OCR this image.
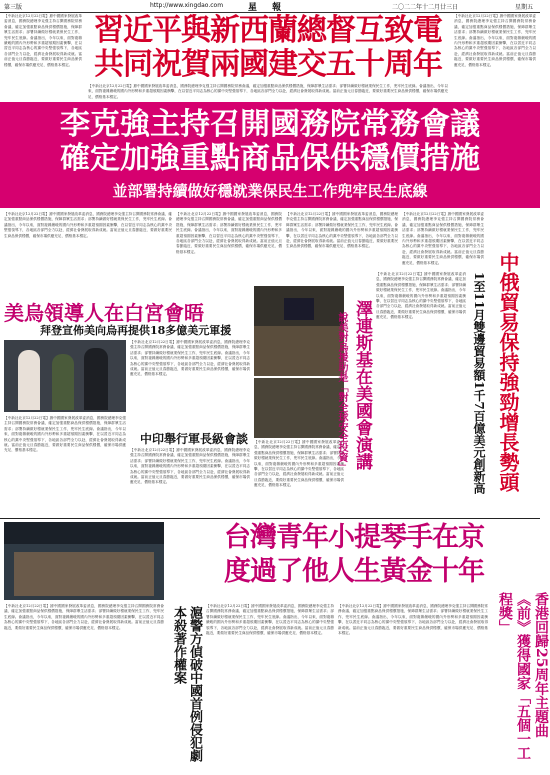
第三版	http://www.xingdao.com	星 報	二〇二二年十二月廿三日	星期五
【中新社北京12月22日電】據中國國家發展改革委消息，國務院總理李克強主持召開國務院常務會議，確定加強重點商品保供穩價措施，保障群眾生活需求；部署持續做好穩就業保民生工作，兜牢民生底線。會議指出，今年以來，面對複雜嚴峻的國內外形勢和多重超預期因素衝擊，在以習近平同志為核心的黨中央堅強領導下，各地區各部門全力以赴，經濟社會發展取得新成就。當前正值元旦春節臨近，要做好重要民生商品保供穩價，確保市場供應充足、價格基本穩定。
習近平與新西蘭總督互致電
共同祝賀兩國建交五十周年
【中新社北京12月22日電】據中國國家發展改革委消息，國務院總理李克強主持召開國務院常務會議，確定加強重點商品保供穩價措施，保障群眾生活需求；部署持續做好穩就業保民生工作，兜牢民生底線。會議指出，今年以來，面對複雜嚴峻的國內外形勢和多重超預期因素衝擊，在以習近平同志為核心的黨中央堅強領導下，各地區各部門全力以赴，經濟社會發展取得新成就。當前正值元旦春節臨近，要做好重要民生商品保供穩價，確保市場供應充足、價格基本穩定。
【中新社北京12月22日電】據中國國家發展改革委消息，國務院總理李克強主持召開國務院常務會議，確定加強重點商品保供穩價措施，保障群眾生活需求；部署持續做好穩就業保民生工作，兜牢民生底線。會議指出，今年以來，面對複雜嚴峻的國內外形勢和多重超預期因素衝擊，在以習近平同志為核心的黨中央堅強領導下，各地區各部門全力以赴，經濟社會發展取得新成就。當前正值元旦春節臨近，要做好重要民生商品保供穩價，確保市場供應充足、價格基本穩定。
李克強主持召開國務院常務會議
確定加強重點商品保供穩價措施
並部署持續做好穩就業保民生工作兜牢民生底線
【中新社北京12月22日電】據中國國家發展改革委消息，國務院總理李克強主持召開國務院常務會議，確定加強重點商品保供穩價措施，保障群眾生活需求；部署持續做好穩就業保民生工作，兜牢民生底線。會議指出，今年以來，面對複雜嚴峻的國內外形勢和多重超預期因素衝擊，在以習近平同志為核心的黨中央堅強領導下，各地區各部門全力以赴，經濟社會發展取得新成就。當前正值元旦春節臨近，要做好重要民生商品保供穩價，確保市場供應充足、價格基本穩定。
【中新社北京12月22日電】據中國國家發展改革委消息，國務院總理李克強主持召開國務院常務會議，確定加強重點商品保供穩價措施，保障群眾生活需求；部署持續做好穩就業保民生工作，兜牢民生底線。會議指出，今年以來，面對複雜嚴峻的國內外形勢和多重超預期因素衝擊，在以習近平同志為核心的黨中央堅強領導下，各地區各部門全力以赴，經濟社會發展取得新成就。當前正值元旦春節臨近，要做好重要民生商品保供穩價，確保市場供應充足、價格基本穩定。
【中新社北京12月22日電】據中國國家發展改革委消息，國務院總理李克強主持召開國務院常務會議，確定加強重點商品保供穩價措施，保障群眾生活需求；部署持續做好穩就業保民生工作，兜牢民生底線。會議指出，今年以來，面對複雜嚴峻的國內外形勢和多重超預期因素衝擊，在以習近平同志為核心的黨中央堅強領導下，各地區各部門全力以赴，經濟社會發展取得新成就。當前正值元旦春節臨近，要做好重要民生商品保供穩價，確保市場供應充足、價格基本穩定。
【中新社北京12月22日電】據中國國家發展改革委消息，國務院總理李克強主持召開國務院常務會議，確定加強重點商品保供穩價措施，保障群眾生活需求；部署持續做好穩就業保民生工作，兜牢民生底線。會議指出，今年以來，面對複雜嚴峻的國內外形勢和多重超預期因素衝擊，在以習近平同志為核心的黨中央堅強領導下，各地區各部門全力以赴，經濟社會發展取得新成就。當前正值元旦春節臨近，要做好重要民生商品保供穩價，確保市場供應充足、價格基本穩定。	中俄貿易保持強勁增長勢頭
1至11月雙邊貿易額1千7百億美元創新高
美烏領導人在白宮會晤
拜登宣佈美向烏再提供18多億美元軍援
【中新社北京12月22日電】據中國國家發展改革委消息，國務院總理李克強主持召開國務院常務會議，確定加強重點商品保供穩價措施，保障群眾生活需求；部署持續做好穩就業保民生工作，兜牢民生底線。會議指出，今年以來，面對複雜嚴峻的國內外形勢和多重超預期因素衝擊，在以習近平同志為核心的黨中央堅強領導下，各地區各部門全力以赴，經濟社會發展取得新成就。當前正值元旦春節臨近，要做好重要民生商品保供穩價，確保市場供應充足、價格基本穩定。
【中新社北京12月22日電】據中國國家發展改革委消息，國務院總理李克強主持召開國務院常務會議，確定加強重點商品保供穩價措施，保障群眾生活需求；部署持續做好穩就業保民生工作，兜牢民生底線。會議指出，今年以來，面對複雜嚴峻的國內外形勢和多重超預期因素衝擊，在以習近平同志為核心的黨中央堅強領導下，各地區各部門全力以赴，經濟社會發展取得新成就。當前正值元旦春節臨近，要做好重要民生商品保供穩價，確保市場供應充足、價格基本穩定。
【中新社北京12月22日電】據中國國家發展改革委消息，國務院總理李克強主持召開國務院常務會議，確定加強重點商品保供穩價措施，保障群眾生活需求；部署持續做好穩就業保民生工作，兜牢民生底線。會議指出，今年以來，面對複雜嚴峻的國內外形勢和多重超預期因素衝擊，在以習近平同志為核心的黨中央堅強領導下，各地區各部門全力以赴，經濟社會發展取得新成就。當前正值元旦春節臨近，要做好重要民生商品保供穩價，確保市場供應充足、價格基本穩定。
澤連斯基在美國會演講
說美對烏援助是「對全球安全投資」
【中新社北京12月22日電】據中國國家發展改革委消息，國務院總理李克強主持召開國務院常務會議，確定加強重點商品保供穩價措施，保障群眾生活需求；部署持續做好穩就業保民生工作，兜牢民生底線。會議指出，今年以來，面對複雜嚴峻的國內外形勢和多重超預期因素衝擊，在以習近平同志為核心的黨中央堅強領導下，各地區各部門全力以赴，經濟社會發展取得新成就。當前正值元旦春節臨近，要做好重要民生商品保供穩價，確保市場供應充足、價格基本穩定。
中印舉行軍長級會談
【中新社北京12月22日電】據中國國家發展改革委消息，國務院總理李克強主持召開國務院常務會議，確定加強重點商品保供穩價措施，保障群眾生活需求；部署持續做好穩就業保民生工作，兜牢民生底線。會議指出，今年以來，面對複雜嚴峻的國內外形勢和多重超預期因素衝擊，在以習近平同志為核心的黨中央堅強領導下，各地區各部門全力以赴，經濟社會發展取得新成就。當前正值元旦春節臨近，要做好重要民生商品保供穩價，確保市場供應充足、價格基本穩定。
台灣青年小提琴手在京
度過了他人生黃金十年
【中新社北京12月22日電】據中國國家發展改革委消息，國務院總理李克強主持召開國務院常務會議，確定加強重點商品保供穩價措施，保障群眾生活需求；部署持續做好穩就業保民生工作，兜牢民生底線。會議指出，今年以來，面對複雜嚴峻的國內外形勢和多重超預期因素衝擊，在以習近平同志為核心的黨中央堅強領導下，各地區各部門全力以赴，經濟社會發展取得新成就。當前正值元旦春節臨近，要做好重要民生商品保供穩價，確保市場供應充足、價格基本穩定。	滬警方偵破中國首例侵犯劇本殺著作權案	【中新社北京12月22日電】據中國國家發展改革委消息，國務院總理李克強主持召開國務院常務會議，確定加強重點商品保供穩價措施，保障群眾生活需求；部署持續做好穩就業保民生工作，兜牢民生底線。會議指出，今年以來，面對複雜嚴峻的國內外形勢和多重超預期因素衝擊，在以習近平同志為核心的黨中央堅強領導下，各地區各部門全力以赴，經濟社會發展取得新成就。當前正值元旦春節臨近，要做好重要民生商品保供穩價，確保市場供應充足、價格基本穩定。
【中新社北京12月22日電】據中國國家發展改革委消息，國務院總理李克強主持召開國務院常務會議，確定加強重點商品保供穩價措施，保障群眾生活需求；部署持續做好穩就業保民生工作，兜牢民生底線。會議指出，今年以來，面對複雜嚴峻的國內外形勢和多重超預期因素衝擊，在以習近平同志為核心的黨中央堅強領導下，各地區各部門全力以赴，經濟社會發展取得新成就。當前正值元旦春節臨近，要做好重要民生商品保供穩價，確保市場供應充足、價格基本穩定。	香港回歸25周年主題曲《前》獲得國家「五個一工程獎」
